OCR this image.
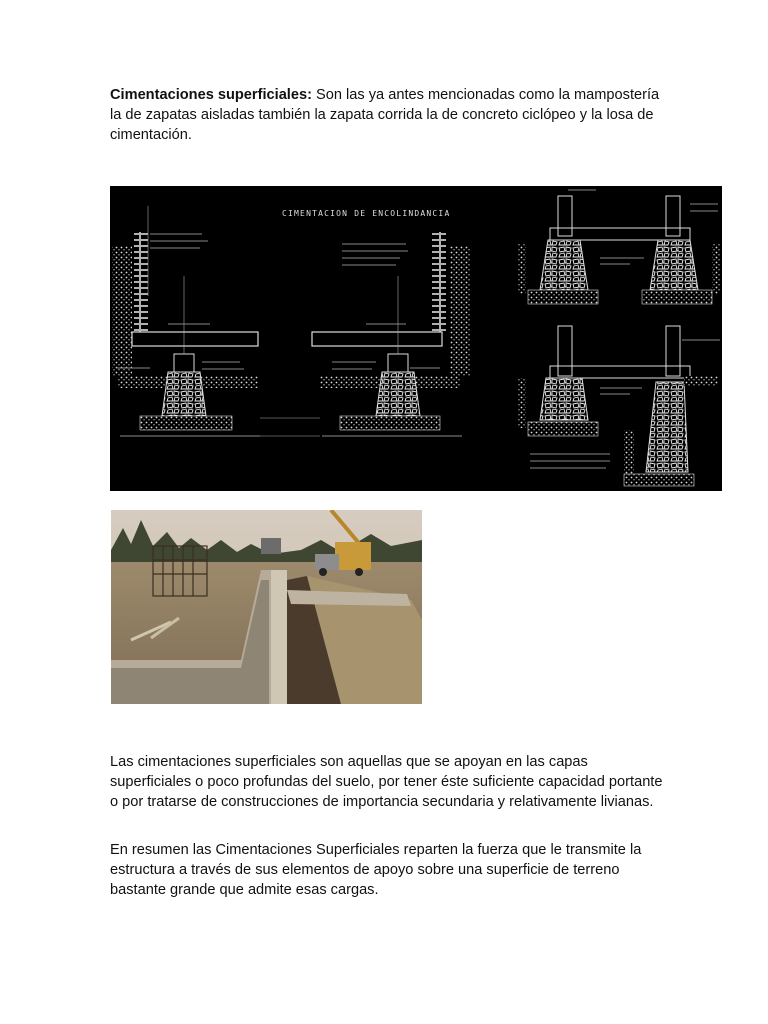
Cimentaciones superficiales: Son las ya antes mencionadas como la mampostería la de zapatas aisladas también la zapata corrida la de concreto ciclópeo y la losa de cimentación.

CIMENTACION DE ENCOLINDANCIA

Las cimentaciones superficiales son aquellas que se apoyan en las capas superficiales o poco profundas del suelo, por tener éste suficiente capacidad portante o por tratarse de construcciones de importancia secundaria y relativamente livianas.

En resumen las Cimentaciones Superficiales reparten la fuerza que le transmite la estructura a través de sus elementos de apoyo sobre una superficie de terreno bastante grande que admite esas cargas.
